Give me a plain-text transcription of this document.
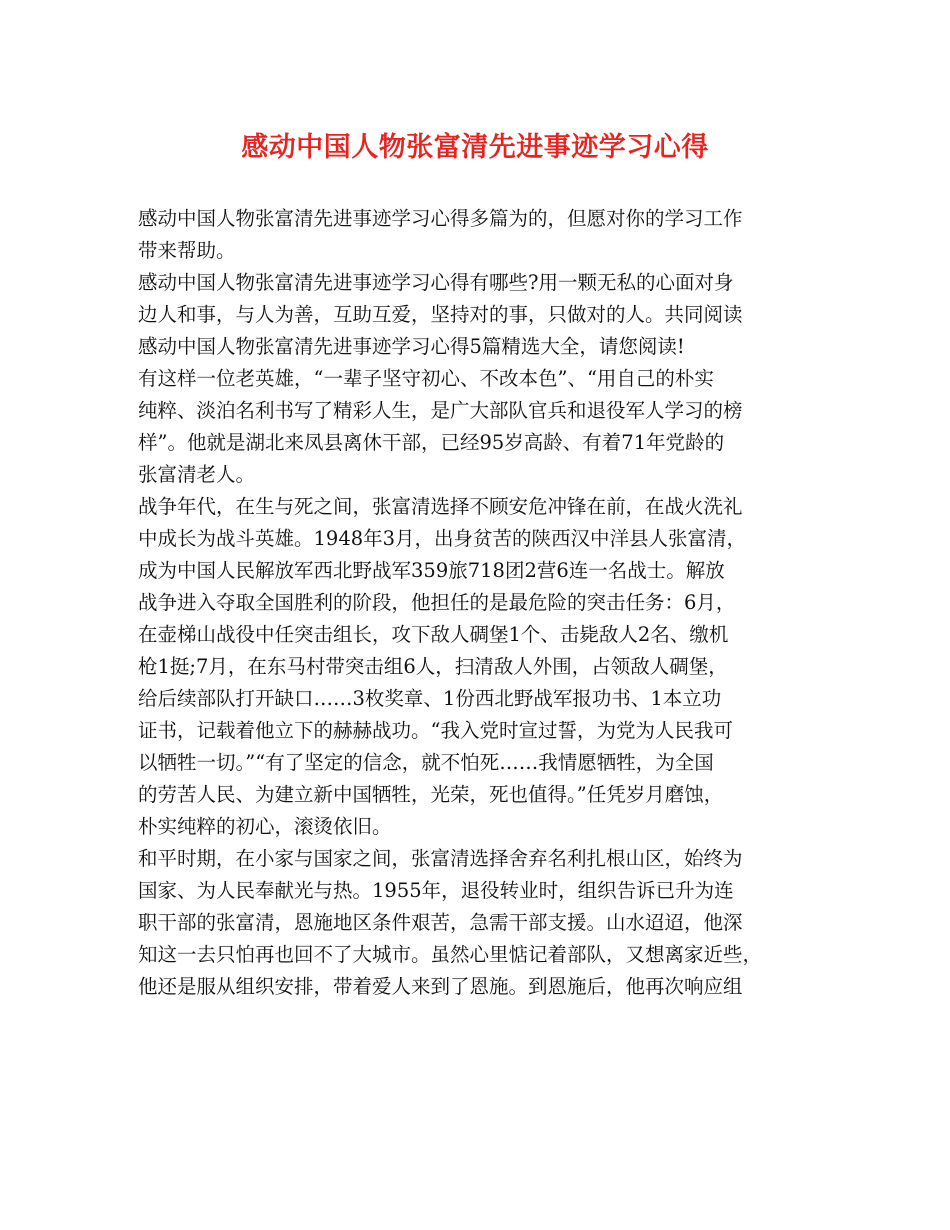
感动中国人物张富清先进事迹学习心得
感动中国人物张富清先进事迹学习心得多篇为的，但愿对你的学习工作
带来帮助。
感动中国人物张富清先进事迹学习心得有哪些?用一颗无私的心面对身
边人和事，与人为善，互助互爱，坚持对的事，只做对的人。共同阅读
感动中国人物张富清先进事迹学习心得5篇精选大全，请您阅读!
有这样一位老英雄，“一辈子坚守初心、不改本色”、“用自己的朴实
纯粹、淡泊名利书写了精彩人生，是广大部队官兵和退役军人学习的榜
样”。他就是湖北来凤县离休干部，已经95岁高龄、有着71年党龄的
张富清老人。
战争年代，在生与死之间，张富清选择不顾安危冲锋在前，在战火洗礼
中成长为战斗英雄。1948年3月，出身贫苦的陕西汉中洋县人张富清，
成为中国人民解放军西北野战军359旅718团2营6连一名战士。解放
战争进入夺取全国胜利的阶段，他担任的是最危险的突击任务：6月，
在壶梯山战役中任突击组长，攻下敌人碉堡1个、击毙敌人2名、缴机
枪1挺;7月，在东马村带突击组6人，扫清敌人外围，占领敌人碉堡，
给后续部队打开缺口……3枚奖章、1份西北野战军报功书、1本立功
证书，记载着他立下的赫赫战功。“我入党时宣过誓，为党为人民我可
以牺牲一切。”“有了坚定的信念，就不怕死……我情愿牺牲，为全国
的劳苦人民、为建立新中国牺牲，光荣，死也值得。”任凭岁月磨蚀，
朴实纯粹的初心，滚烫依旧。
和平时期，在小家与国家之间，张富清选择舍弃名利扎根山区，始终为
国家、为人民奉献光与热。1955年，退役转业时，组织告诉已升为连
职干部的张富清，恩施地区条件艰苦，急需干部支援。山水迢迢，他深
知这一去只怕再也回不了大城市。虽然心里惦记着部队，又想离家近些，
他还是服从组织安排，带着爱人来到了恩施。到恩施后，他再次响应组
